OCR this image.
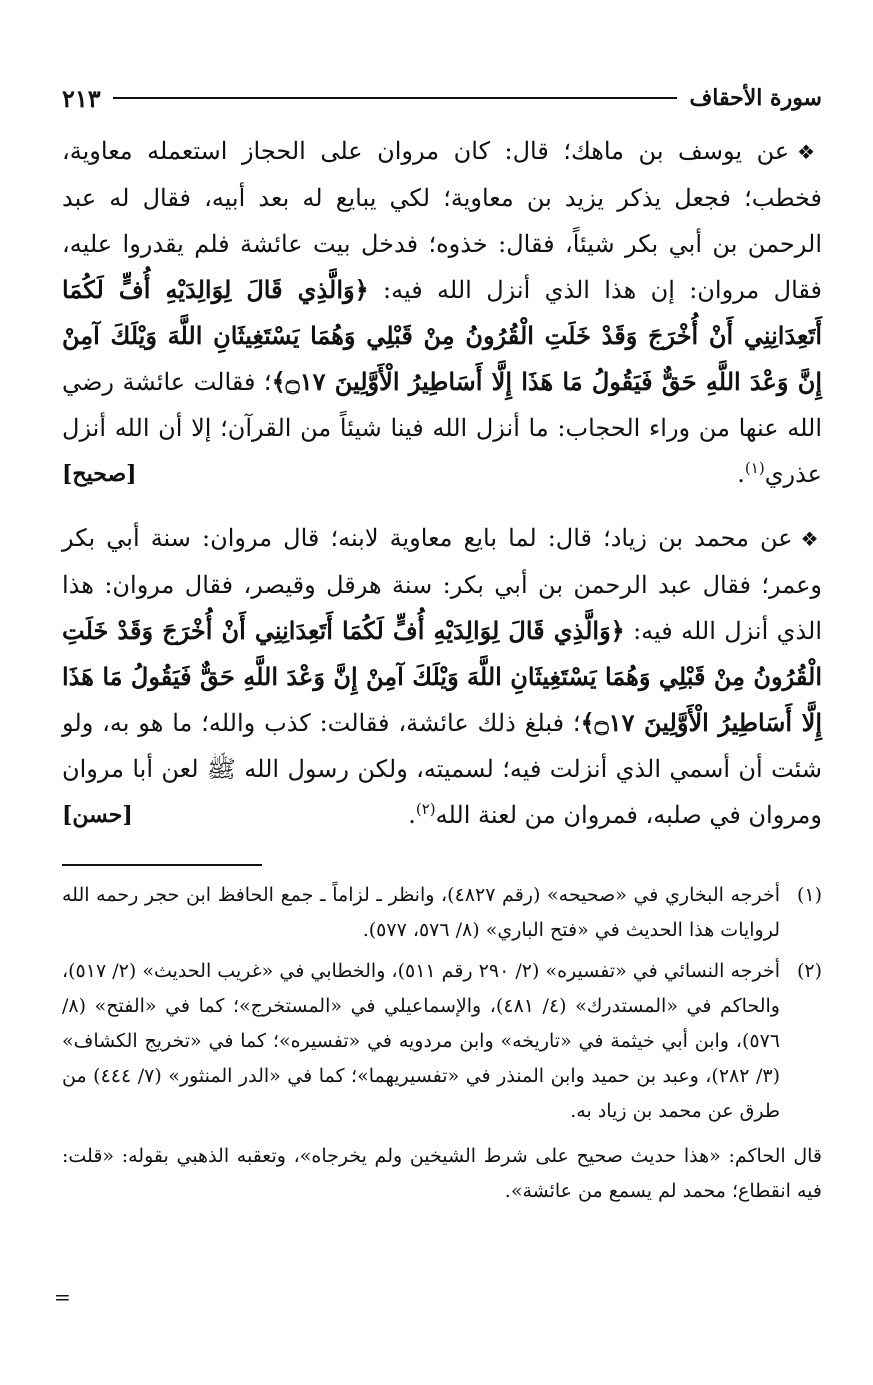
سورة الأحقاف
٢١٣

❖عن يوسف بن ماهك؛ قال: كان مروان على الحجاز استعمله معاوية، فخطب؛ فجعل يذكر يزيد بن معاوية؛ لكي يبايع له بعد أبيه، فقال له عبد الرحمن بن أبي بكر شيئاً، فقال: خذوه؛ فدخل بيت عائشة فلم يقدروا عليه، فقال مروان: إن هذا الذي أنزل الله فيه: ﴿وَالَّذِي قَالَ لِوَالِدَيْهِ أُفٍّ لَكُمَا أَتَعِدَانِنِي أَنْ أُخْرَجَ وَقَدْ خَلَتِ الْقُرُونُ مِنْ قَبْلِي وَهُمَا يَسْتَغِيثَانِ اللَّهَ وَيْلَكَ آمِنْ إِنَّ وَعْدَ اللَّهِ حَقٌّ فَيَقُولُ مَا هَذَا إِلَّا أَسَاطِيرُ الْأَوَّلِينَ ۝١٧﴾؛ فقالت عائشة رضي الله عنها من وراء الحجاب: ما أنزل الله فينا شيئاً من القرآن؛ إلا أن الله أنزل عذري$^{(١)}$.
[صحيح]

❖عن محمد بن زياد؛ قال: لما بايع معاوية لابنه؛ قال مروان: سنة أبي بكر وعمر؛ فقال عبد الرحمن بن أبي بكر: سنة هرقل وقيصر، فقال مروان: هذا الذي أنزل الله فيه: ﴿وَالَّذِي قَالَ لِوَالِدَيْهِ أُفٍّ لَكُمَا أَتَعِدَانِنِي أَنْ أُخْرَجَ وَقَدْ خَلَتِ الْقُرُونُ مِنْ قَبْلِي وَهُمَا يَسْتَغِيثَانِ اللَّهَ وَيْلَكَ آمِنْ إِنَّ وَعْدَ اللَّهِ حَقٌّ فَيَقُولُ مَا هَذَا إِلَّا أَسَاطِيرُ الْأَوَّلِينَ ۝١٧﴾؛ فبلغ ذلك عائشة، فقالت: كذب والله؛ ما هو به، ولو شئت أن أسمي الذي أنزلت فيه؛ لسميته، ولكن رسول الله ﷺ لعن أبا مروان ومروان في صلبه، فمروان من لعنة الله$^{(٢)}$.
[حسن]

(١)
أخرجه البخاري في «صحيحه» (رقم ٤٨٢٧)، وانظر ـ لزاماً ـ جمع الحافظ ابن حجر رحمه الله لروايات هذا الحديث في «فتح الباري» (٨/ ٥٧٦، ٥٧٧).
(٢)
أخرجه النسائي في «تفسيره» (٢/ ٢٩٠ رقم ٥١١)، والخطابي في «غريب الحديث» (٢/ ٥١٧)، والحاكم في «المستدرك» (٤/ ٤٨١)، والإسماعيلي في «المستخرج»؛ كما في «الفتح» (٨/ ٥٧٦)، وابن أبي خيثمة في «تاريخه» وابن مردويه في «تفسيره»؛ كما في «تخريج الكشاف» (٣/ ٢٨٢)، وعبد بن حميد وابن المنذر في «تفسيريهما»؛ كما في «الدر المنثور» (٧/ ٤٤٤) من طرق عن محمد بن زياد به.

قال الحاكم: «هذا حديث صحيح على شرط الشيخين ولم يخرجاه»، وتعقبه الذهبي بقوله: «قلت: فيه انقطاع؛ محمد لم يسمع من عائشة».

=
